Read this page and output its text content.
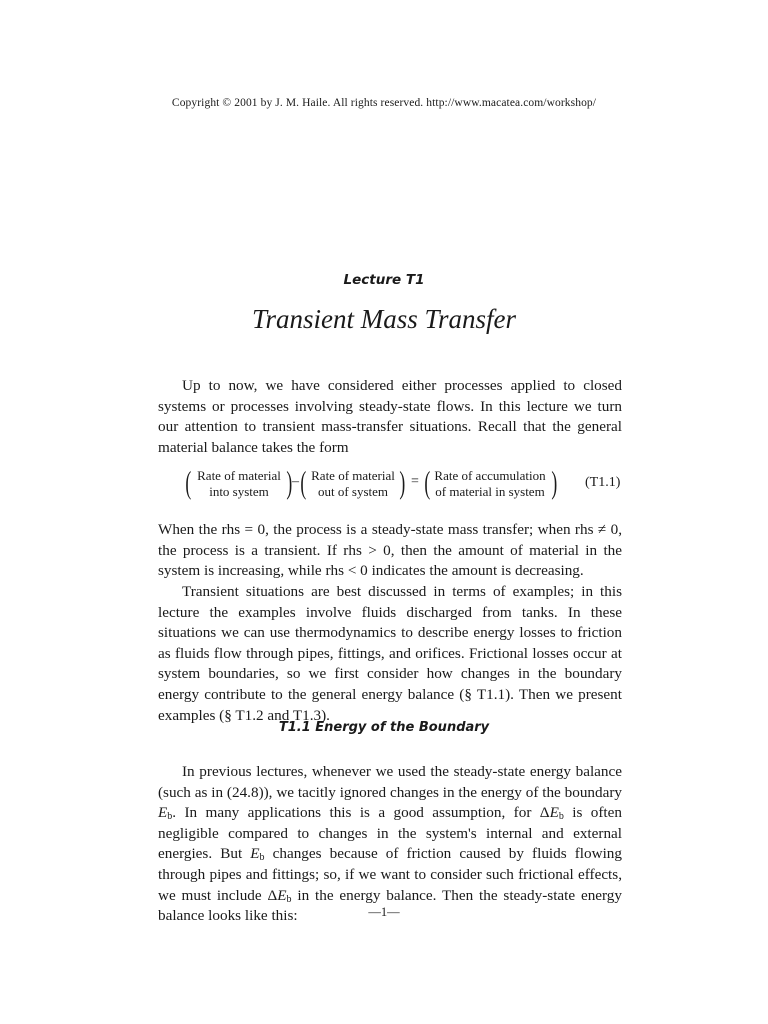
Copyright © 2001 by J. M. Haile. All rights reserved. http://www.macatea.com/workshop/
Lecture T1
Transient Mass Transfer

Up to now, we have considered either processes applied to closed systems or processes involving steady-state flows. In this lecture we turn our attention to transient mass-transfer situations. Recall that the general material balance takes the form

( Rate of material
into system ) – ( Rate of material
out of system ) = ( Rate of accumulation
of material in system ) (T1.1)

When the rhs = 0, the process is a steady-state mass transfer; when rhs ≠ 0, the process is a transient. If rhs > 0, then the amount of material in the system is increasing, while rhs < 0 indicates the amount is decreasing.

Transient situations are best discussed in terms of examples; in this lecture the examples involve fluids discharged from tanks. In these situations we can use thermodynamics to describe energy losses to friction as fluids flow through pipes, fittings, and orifices. Frictional losses occur at system boundaries, so we first consider how changes in the boundary energy contribute to the general energy balance (§ T1.1). Then we present examples (§ T1.2 and T1.3).

T1.1 Energy of the Boundary

In previous lectures, whenever we used the steady-state energy balance (such as in (24.8)), we tacitly ignored changes in the energy of the boundary $E_b$. In many applications this is a good assumption, for $\Delta E_b$ is often negligible compared to changes in the system's internal and external energies. But $E_b$ changes because of friction caused by fluids flowing through pipes and fittings; so, if we want to consider such frictional effects, we must include $\Delta E_b$ in the energy balance. Then the steady-state energy balance looks like this:	—1—
